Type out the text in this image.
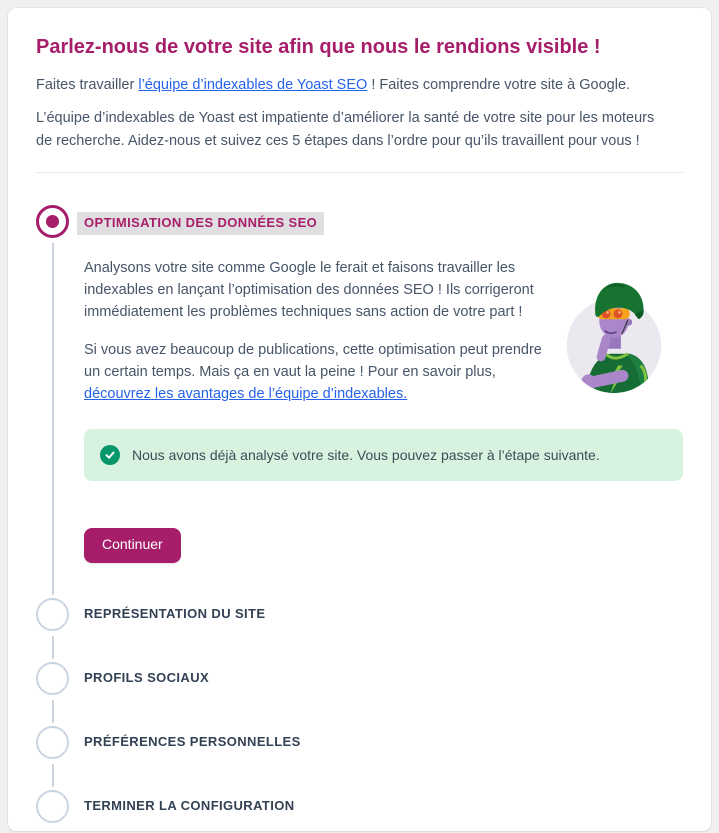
Parlez-nous de votre site afin que nous le rendions visible !

Faites travailler l’équipe d’indexables de Yoast SEO ! Faites comprendre votre site à Google.

L’équipe d’indexables de Yoast est impatiente d’améliorer la santé de votre site pour les moteurs de recherche. Aidez-nous et suivez ces 5 étapes dans l’ordre pour qu’ils travaillent pour vous !

OPTIMISATION DES DONNÉES SEO

Analysons votre site comme Google le ferait et faisons travailler les indexables en lançant l’optimisation des données SEO ! Ils corrigeront immédiatement les problèmes techniques sans action de votre part !

Si vous avez beaucoup de publications, cette optimisation peut prendre un certain temps. Mais ça en vaut la peine ! Pour en savoir plus, découvrez les avantages de l’équipe d’indexables.

Nous avons déjà analysé votre site. Vous pouvez passer à l’étape suivante.
Continuer
REPRÉSENTATION DU SITE
PROFILS SOCIAUX
PRÉFÉRENCES PERSONNELLES
TERMINER LA CONFIGURATION
